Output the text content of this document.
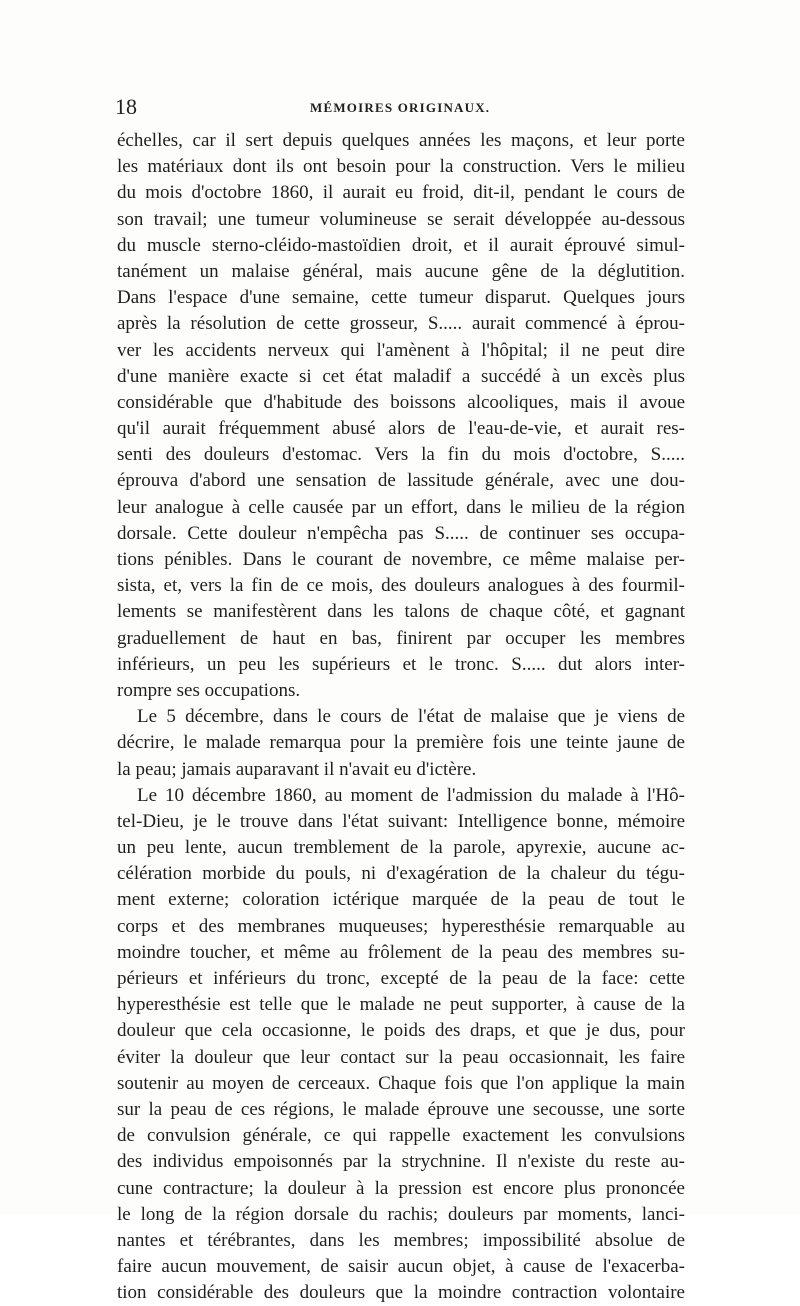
18	MÉMOIRES ORIGINAUX.
échelles, car il sert depuis quelques années les maçons, et leur porte
les matériaux dont ils ont besoin pour la construction. Vers le milieu
du mois d'octobre 1860, il aurait eu froid, dit-il, pendant le cours de
son travail; une tumeur volumineuse se serait développée au-dessous
du muscle sterno-cléido-mastoïdien droit, et il aurait éprouvé simul-
tanément un malaise général, mais aucune gêne de la déglutition.
Dans l'espace d'une semaine, cette tumeur disparut. Quelques jours
après la résolution de cette grosseur, S..... aurait commencé à éprou-
ver les accidents nerveux qui l'amènent à l'hôpital; il ne peut dire
d'une manière exacte si cet état maladif a succédé à un excès plus
considérable que d'habitude des boissons alcooliques, mais il avoue
qu'il aurait fréquemment abusé alors de l'eau-de-vie, et aurait res-
senti des douleurs d'estomac. Vers la fin du mois d'octobre, S.....
éprouva d'abord une sensation de lassitude générale, avec une dou-
leur analogue à celle causée par un effort, dans le milieu de la région
dorsale. Cette douleur n'empêcha pas S..... de continuer ses occupa-
tions pénibles. Dans le courant de novembre, ce même malaise per-
sista, et, vers la fin de ce mois, des douleurs analogues à des fourmil-
lements se manifestèrent dans les talons de chaque côté, et gagnant
graduellement de haut en bas, finirent par occuper les membres
inférieurs, un peu les supérieurs et le tronc. S..... dut alors inter-
rompre ses occupations.
Le 5 décembre, dans le cours de l'état de malaise que je viens de
décrire, le malade remarqua pour la première fois une teinte jaune de
la peau; jamais auparavant il n'avait eu d'ictère.
Le 10 décembre 1860, au moment de l'admission du malade à l'Hô-
tel-Dieu, je le trouve dans l'état suivant: Intelligence bonne, mémoire
un peu lente, aucun tremblement de la parole, apyrexie, aucune ac-
célération morbide du pouls, ni d'exagération de la chaleur du tégu-
ment externe; coloration ictérique marquée de la peau de tout le
corps et des membranes muqueuses; hyperesthésie remarquable au
moindre toucher, et même au frôlement de la peau des membres su-
périeurs et inférieurs du tronc, excepté de la peau de la face: cette
hyperesthésie est telle que le malade ne peut supporter, à cause de la
douleur que cela occasionne, le poids des draps, et que je dus, pour
éviter la douleur que leur contact sur la peau occasionnait, les faire
soutenir au moyen de cerceaux. Chaque fois que l'on applique la main
sur la peau de ces régions, le malade éprouve une secousse, une sorte
de convulsion générale, ce qui rappelle exactement les convulsions
des individus empoisonnés par la strychnine. Il n'existe du reste au-
cune contracture; la douleur à la pression est encore plus prononcée
le long de la région dorsale du rachis; douleurs par moments, lanci-
nantes et térébrantes, dans les membres; impossibilité absolue de
faire aucun mouvement, de saisir aucun objet, à cause de l'exacerba-
tion considérable des douleurs que la moindre contraction volontaire
